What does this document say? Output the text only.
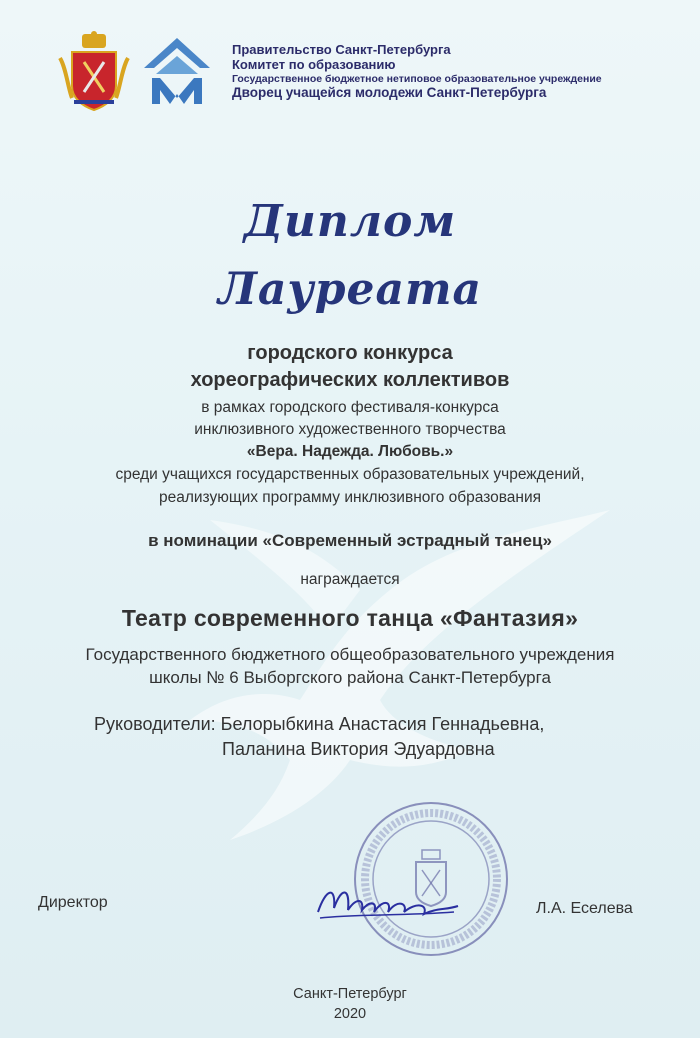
Правительство Санкт-Петербурга
Комитет по образованию
Государственное бюджетное нетиповое образовательное учреждение
Дворец учащейся молодежи Санкт-Петербурга
Диплом
Лауреата
городского конкурса
хореографических коллективов
в рамках городского фестиваля-конкурса
инклюзивного художественного творчества
«Вера. Надежда. Любовь.»
среди учащихся государственных образовательных учреждений,
реализующих программу инклюзивного образования
в номинации «Современный эстрадный танец»
награждается
Театр современного танца «Фантазия»
Государственного бюджетного общеобразовательного учреждения
школы № 6 Выборгского района Санкт-Петербурга
Руководители: Белорыбкина Анастасия Геннадьевна,
Паланина Виктория Эдуардовна
Директор	Л.А. Еселева
Санкт-Петербург
2020
